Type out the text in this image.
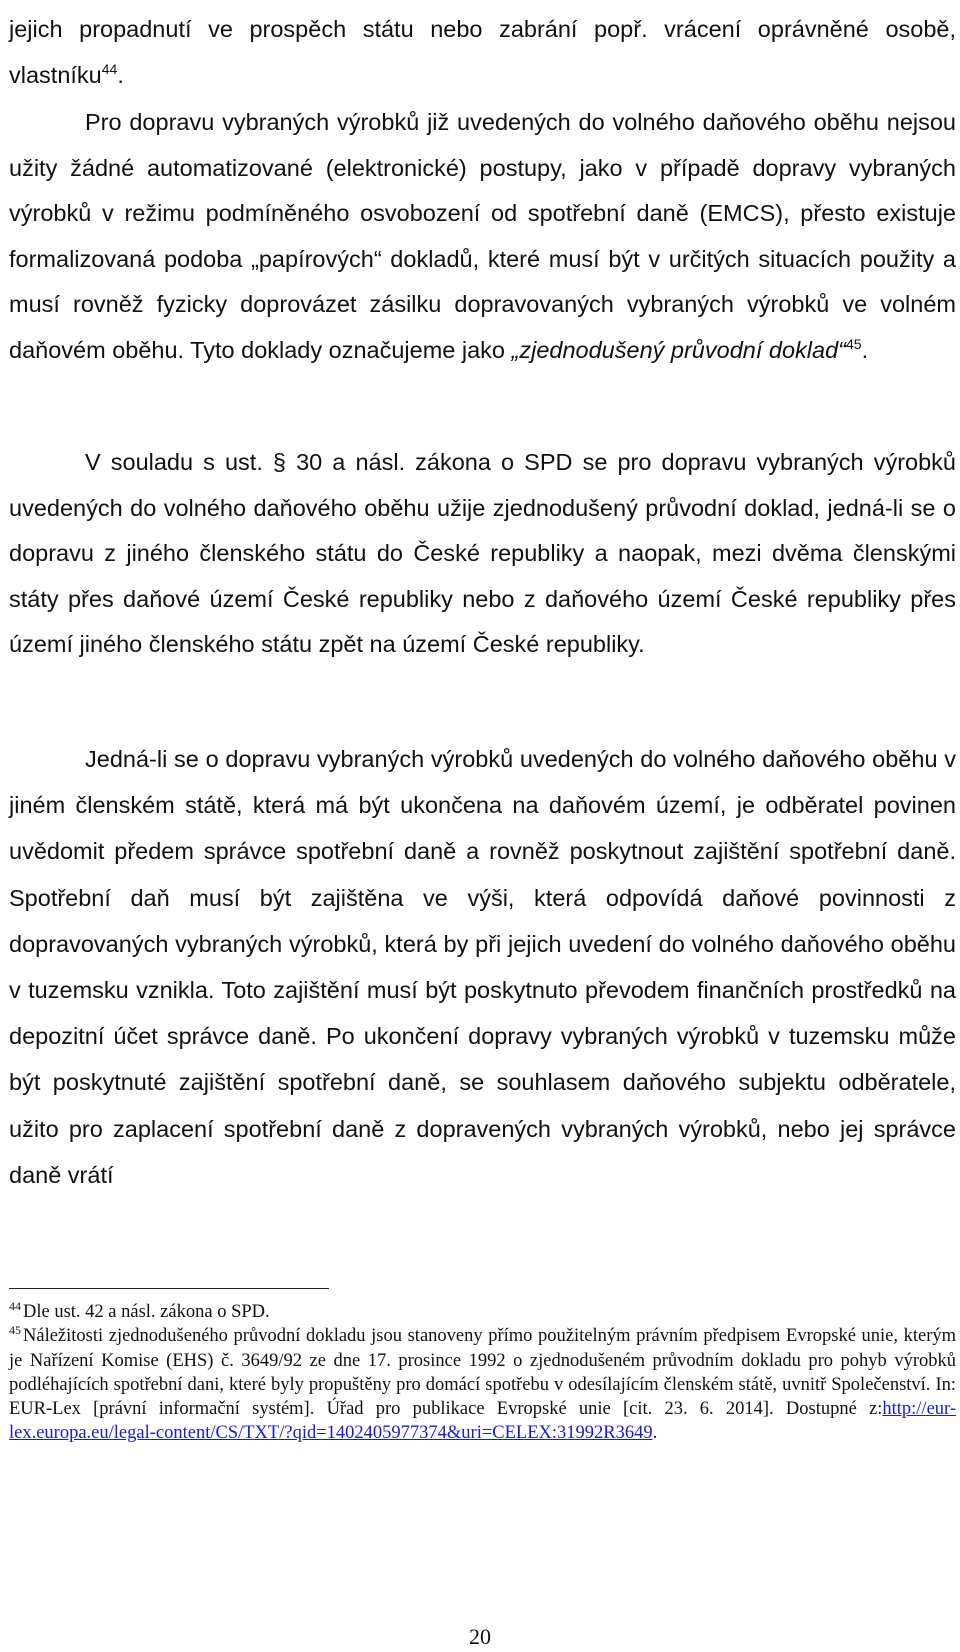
jejich propadnutí ve prospěch státu nebo zabrání popř. vrácení oprávněné osobě, vlastníku$^{44}$.

Pro dopravu vybraných výrobků již uvedených do volného daňového oběhu nejsou užity žádné automatizované (elektronické) postupy, jako v případě dopravy vybraných výrobků v režimu podmíněného osvobození od spotřební daně (EMCS), přesto existuje formalizovaná podoba „papírových“ dokladů, které musí být v určitých situacích použity a musí rovněž fyzicky doprovázet zásilku dopravovaných vybraných výrobků ve volném daňovém oběhu. Tyto doklady označujeme jako „zjednodušený průvodní doklad“$^{45}$.

V souladu s ust. § 30 a násl. zákona o SPD se pro dopravu vybraných výrobků uvedených do volného daňového oběhu užije zjednodušený průvodní doklad, jedná-li se o dopravu z jiného členského státu do České republiky a naopak, mezi dvěma členskými státy přes daňové území České republiky nebo z daňového území České republiky přes území jiného členského státu zpět na území České republiky.

Jedná-li se o dopravu vybraných výrobků uvedených do volného daňového oběhu v jiném členském státě, která má být ukončena na daňovém území, je odběratel povinen uvědomit předem správce spotřební daně a rovněž poskytnout zajištění spotřební daně. Spotřební daň musí být zajištěna ve výši, která odpovídá daňové povinnosti z dopravovaných vybraných výrobků, která by při jejich uvedení do volného daňového oběhu v tuzemsku vznikla. Toto zajištění musí být poskytnuto převodem finančních prostředků na depozitní účet správce daně. Po ukončení dopravy vybraných výrobků v tuzemsku může být poskytnuté zajištění spotřební daně, se souhlasem daňového subjektu odběratele, užito pro zaplacení spotřební daně z dopravených vybraných výrobků, nebo jej správce daně vrátí

$^{44}$ Dle ust. 42 a násl. zákona o SPD.

$^{45}$ Náležitosti zjednodušeného průvodní dokladu jsou stanoveny přímo použitelným právním předpisem Evropské unie, kterým je Nařízení Komise (EHS) č. 3649/92 ze dne 17. prosince 1992 o zjednodušeném průvodním dokladu pro pohyb výrobků podléhajících spotřební dani, které byly propuštěny pro domácí spotřebu v odesílajícím členském státě, uvnitř Společenství. In: EUR-Lex [právní informační systém]. Úřad pro publikace Evropské unie [cit. 23. 6. 2014]. Dostupné z:http://eur-lex.europa.eu/legal-content/CS/TXT/?qid=1402405977374&uri=CELEX:31992R3649.

20
